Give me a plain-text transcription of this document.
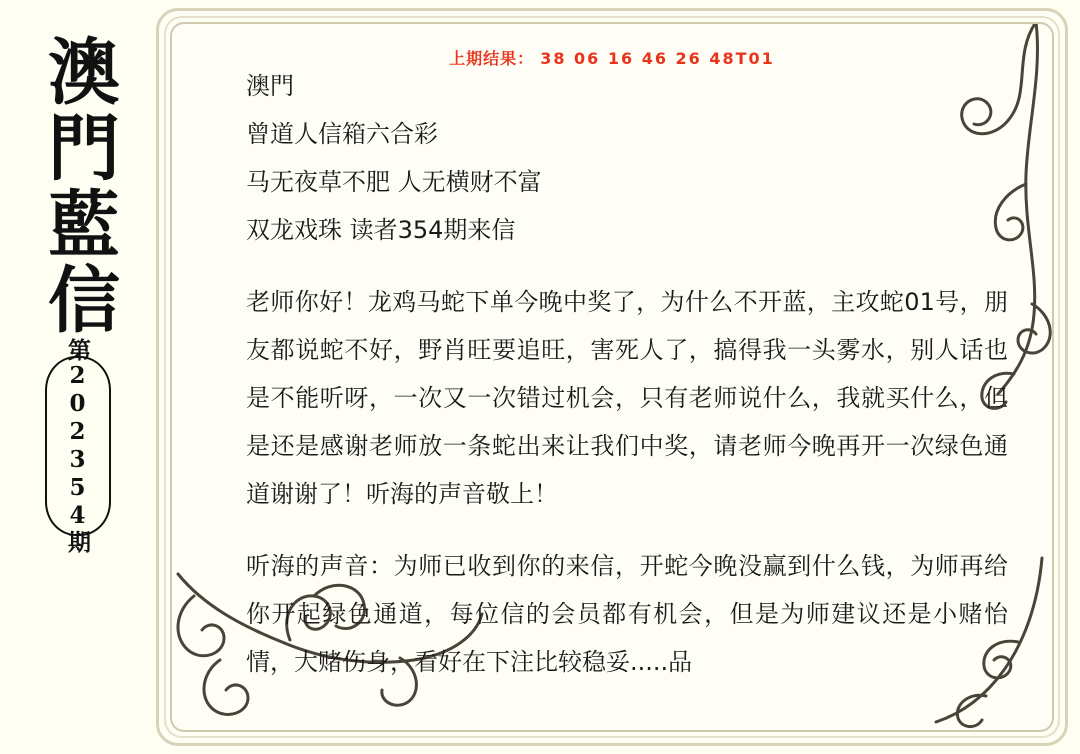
澳門藍信
第202354期
上期结果： 38 06 16 46 26 48T01
澳門
曾道人信箱六合彩
马无夜草不肥 人无横财不富
双龙戏珠 读者354期来信

老师你好！龙鸡马蛇下单今晚中奖了，为什么不开蓝，主攻蛇01号，朋友都说蛇不好，野肖旺要追旺，害死人了，搞得我一头雾水，别人话也是不能听呀，一次又一次错过机会，只有老师说什么，我就买什么，但是还是感谢老师放一条蛇出来让我们中奖，请老师今晚再开一次绿色通道谢谢了！听海的声音敬上！

听海的声音：为师已收到你的来信，开蛇今晚没赢到什么钱，为师再给你开起绿色通道，每位信的会员都有机会，但是为师建议还是小赌怡情，大赌伤身，看好在下注比较稳妥.....品
